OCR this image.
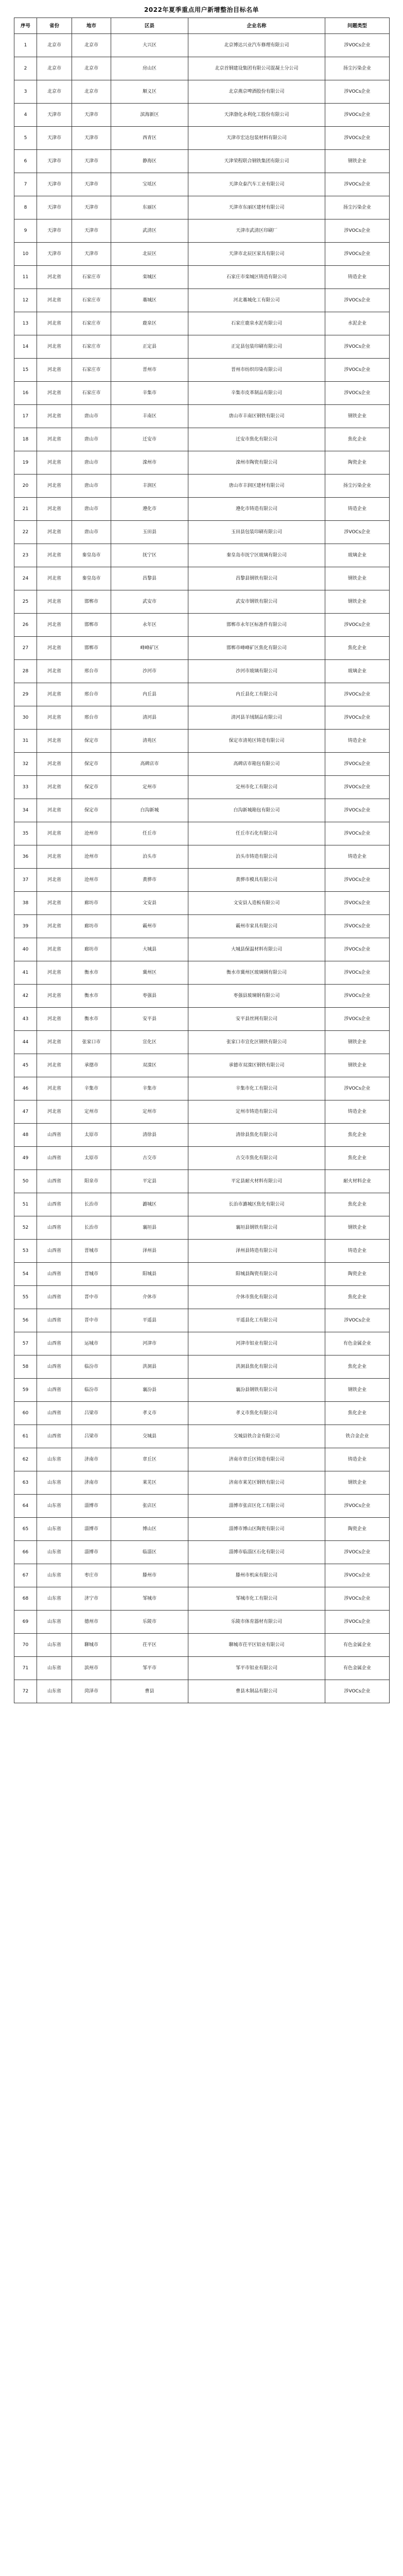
2022年夏季重点用户新增整治目标名单
序号	省份	地市	区县	企业名称	问题类型
1	北京市	北京市	大兴区	北京博达兴业汽车修理有限公司	涉VOCs企业
2	北京市	北京市	房山区	北京首钢建设集团有限公司混凝土分公司	扬尘污染企业
3	北京市	北京市	顺义区	北京燕京啤酒股份有限公司	涉VOCs企业
4	天津市	天津市	滨海新区	天津渤化永利化工股份有限公司	涉VOCs企业
5	天津市	天津市	西青区	天津市宏达包装材料有限公司	涉VOCs企业
6	天津市	天津市	静海区	天津荣程联合钢铁集团有限公司	钢铁企业
7	天津市	天津市	宝坻区	天津众泰汽车工业有限公司	涉VOCs企业
8	天津市	天津市	东丽区	天津市东丽区建材有限公司	扬尘污染企业
9	天津市	天津市	武清区	天津市武清区印刷厂	涉VOCs企业
10	天津市	天津市	北辰区	天津市北辰区家具有限公司	涉VOCs企业
11	河北省	石家庄市	栾城区	石家庄市栾城区铸造有限公司	铸造企业
12	河北省	石家庄市	藁城区	河北藁城化工有限公司	涉VOCs企业
13	河北省	石家庄市	鹿泉区	石家庄鹿泉水泥有限公司	水泥企业
14	河北省	石家庄市	正定县	正定县包装印刷有限公司	涉VOCs企业
15	河北省	石家庄市	晋州市	晋州市纺织印染有限公司	涉VOCs企业
16	河北省	石家庄市	辛集市	辛集市皮革制品有限公司	涉VOCs企业
17	河北省	唐山市	丰南区	唐山市丰南区钢铁有限公司	钢铁企业
18	河北省	唐山市	迁安市	迁安市焦化有限公司	焦化企业
19	河北省	唐山市	滦州市	滦州市陶瓷有限公司	陶瓷企业
20	河北省	唐山市	丰润区	唐山市丰润区建材有限公司	扬尘污染企业
21	河北省	唐山市	遵化市	遵化市铸造有限公司	铸造企业
22	河北省	唐山市	玉田县	玉田县包装印刷有限公司	涉VOCs企业
23	河北省	秦皇岛市	抚宁区	秦皇岛市抚宁区玻璃有限公司	玻璃企业
24	河北省	秦皇岛市	昌黎县	昌黎县钢铁有限公司	钢铁企业
25	河北省	邯郸市	武安市	武安市钢铁有限公司	钢铁企业
26	河北省	邯郸市	永年区	邯郸市永年区标准件有限公司	涉VOCs企业
27	河北省	邯郸市	峰峰矿区	邯郸市峰峰矿区焦化有限公司	焦化企业
28	河北省	邢台市	沙河市	沙河市玻璃有限公司	玻璃企业
29	河北省	邢台市	内丘县	内丘县化工有限公司	涉VOCs企业
30	河北省	邢台市	清河县	清河县羊绒制品有限公司	涉VOCs企业
31	河北省	保定市	清苑区	保定市清苑区铸造有限公司	铸造企业
32	河北省	保定市	高碑店市	高碑店市箱包有限公司	涉VOCs企业
33	河北省	保定市	定州市	定州市化工有限公司	涉VOCs企业
34	河北省	保定市	白沟新城	白沟新城箱包有限公司	涉VOCs企业
35	河北省	沧州市	任丘市	任丘市石化有限公司	涉VOCs企业
36	河北省	沧州市	泊头市	泊头市铸造有限公司	铸造企业
37	河北省	沧州市	黄骅市	黄骅市模具有限公司	涉VOCs企业
38	河北省	廊坊市	文安县	文安县人造板有限公司	涉VOCs企业
39	河北省	廊坊市	霸州市	霸州市家具有限公司	涉VOCs企业
40	河北省	廊坊市	大城县	大城县保温材料有限公司	涉VOCs企业
41	河北省	衡水市	冀州区	衡水市冀州区玻璃钢有限公司	涉VOCs企业
42	河北省	衡水市	枣强县	枣强县玻璃钢有限公司	涉VOCs企业
43	河北省	衡水市	安平县	安平县丝网有限公司	涉VOCs企业
44	河北省	张家口市	宣化区	张家口市宣化区钢铁有限公司	钢铁企业
45	河北省	承德市	双滦区	承德市双滦区钢铁有限公司	钢铁企业
46	河北省	辛集市	辛集市	辛集市化工有限公司	涉VOCs企业
47	河北省	定州市	定州市	定州市铸造有限公司	铸造企业
48	山西省	太原市	清徐县	清徐县焦化有限公司	焦化企业
49	山西省	太原市	古交市	古交市焦化有限公司	焦化企业
50	山西省	阳泉市	平定县	平定县耐火材料有限公司	耐火材料企业
51	山西省	长治市	潞城区	长治市潞城区焦化有限公司	焦化企业
52	山西省	长治市	襄垣县	襄垣县钢铁有限公司	钢铁企业
53	山西省	晋城市	泽州县	泽州县铸造有限公司	铸造企业
54	山西省	晋城市	阳城县	阳城县陶瓷有限公司	陶瓷企业
55	山西省	晋中市	介休市	介休市焦化有限公司	焦化企业
56	山西省	晋中市	平遥县	平遥县化工有限公司	涉VOCs企业
57	山西省	运城市	河津市	河津市铝业有限公司	有色金属企业
58	山西省	临汾市	洪洞县	洪洞县焦化有限公司	焦化企业
59	山西省	临汾市	襄汾县	襄汾县钢铁有限公司	钢铁企业
60	山西省	吕梁市	孝义市	孝义市焦化有限公司	焦化企业
61	山西省	吕梁市	交城县	交城县铁合金有限公司	铁合金企业
62	山东省	济南市	章丘区	济南市章丘区铸造有限公司	铸造企业
63	山东省	济南市	莱芜区	济南市莱芜区钢铁有限公司	钢铁企业
64	山东省	淄博市	张店区	淄博市张店区化工有限公司	涉VOCs企业
65	山东省	淄博市	博山区	淄博市博山区陶瓷有限公司	陶瓷企业
66	山东省	淄博市	临淄区	淄博市临淄区石化有限公司	涉VOCs企业
67	山东省	枣庄市	滕州市	滕州市机床有限公司	涉VOCs企业
68	山东省	济宁市	邹城市	邹城市化工有限公司	涉VOCs企业
69	山东省	德州市	乐陵市	乐陵市体育器材有限公司	涉VOCs企业
70	山东省	聊城市	茌平区	聊城市茌平区铝业有限公司	有色金属企业
71	山东省	滨州市	邹平市	邹平市铝业有限公司	有色金属企业
72	山东省	菏泽市	曹县	曹县木制品有限公司	涉VOCs企业
